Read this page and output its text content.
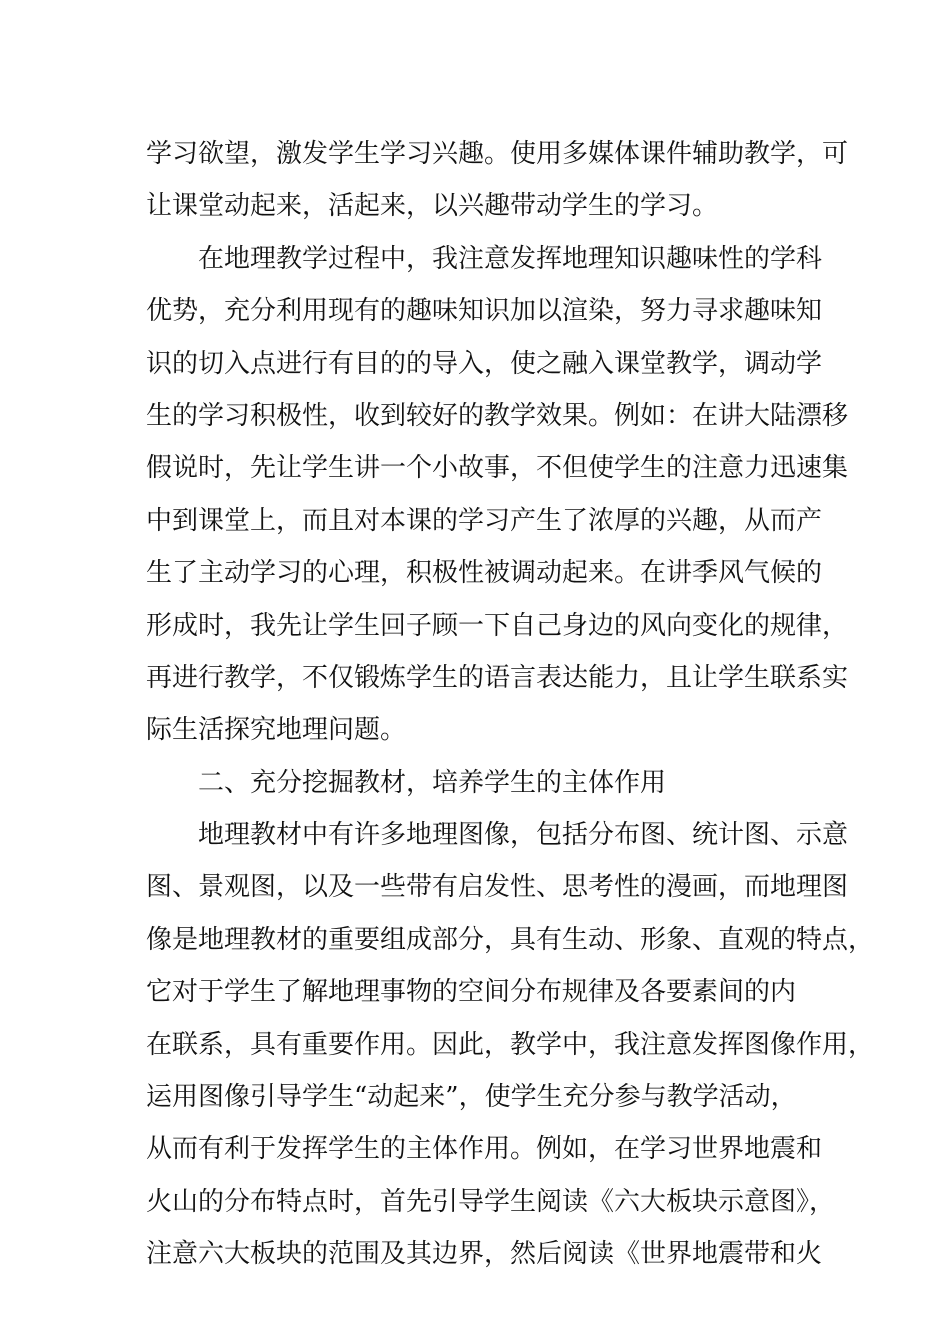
学习欲望，激发学生学习兴趣。使用多媒体课件辅助教学，可
让课堂动起来，活起来，以兴趣带动学生的学习。
在地理教学过程中，我注意发挥地理知识趣味性的学科
优势，充分利用现有的趣味知识加以渲染，努力寻求趣味知
识的切入点进行有目的的导入，使之融入课堂教学，调动学
生的学习积极性，收到较好的教学效果。例如：在讲大陆漂移
假说时，先让学生讲一个小故事，不但使学生的注意力迅速集
中到课堂上，而且对本课的学习产生了浓厚的兴趣，从而产
生了主动学习的心理，积极性被调动起来。在讲季风气候的
形成时，我先让学生回子顾一下自己身边的风向变化的规律，
再进行教学，不仅锻炼学生的语言表达能力，且让学生联系实
际生活探究地理问题。
二、充分挖掘教材，培养学生的主体作用
地理教材中有许多地理图像，包括分布图、统计图、示意
图、景观图，以及一些带有启发性、思考性的漫画，而地理图
像是地理教材的重要组成部分，具有生动、形象、直观的特点，
它对于学生了解地理事物的空间分布规律及各要素间的内
在联系，具有重要作用。因此，教学中，我注意发挥图像作用，
运用图像引导学生“动起来”，使学生充分参与教学活动，
从而有利于发挥学生的主体作用。例如，在学习世界地震和
火山的分布特点时，首先引导学生阅读《六大板块示意图》，
注意六大板块的范围及其边界，然后阅读《世界地震带和火
